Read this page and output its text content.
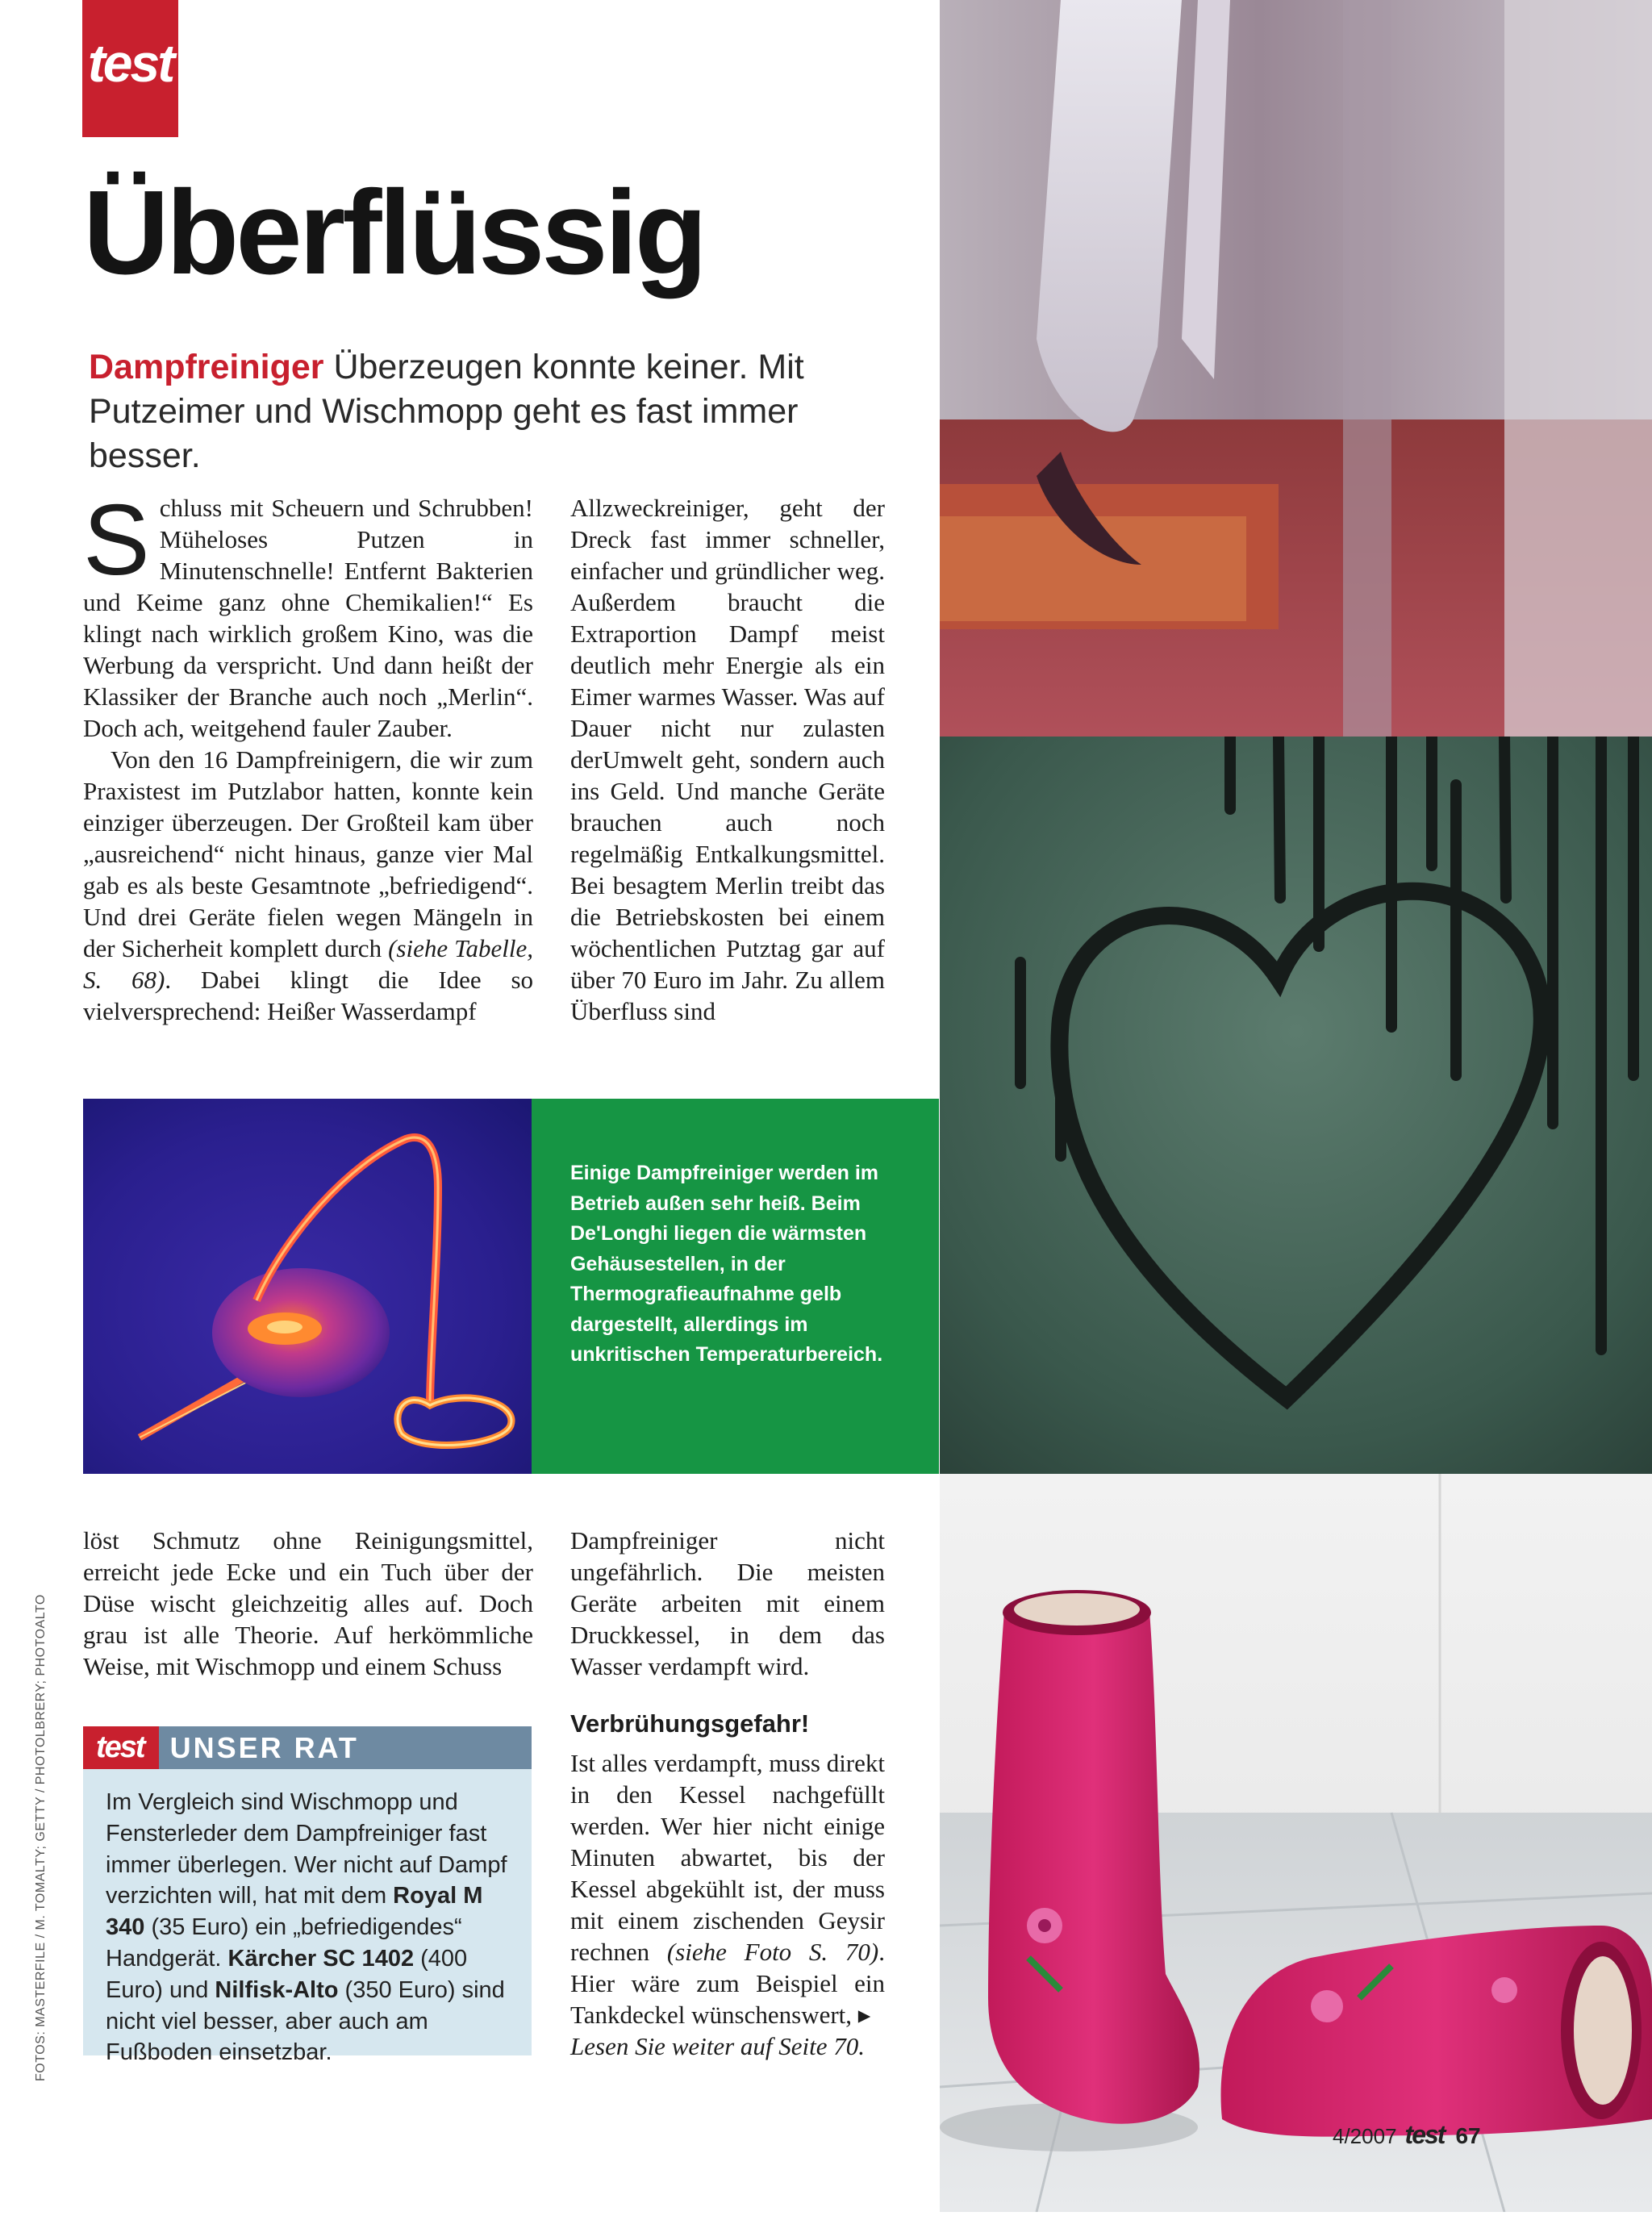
test
Überflüssig

Dampfreiniger Überzeugen konnte keiner. Mit Putzeimer und Wischmopp geht es fast immer besser.

Schluss mit Scheuern und Schrubben! Müheloses Putzen in Minutenschnelle! Entfernt Bakterien und Keime ganz ohne Chemikalien!“ Es klingt nach wirklich großem Kino, was die Werbung da verspricht. Und dann heißt der Klassiker der Branche auch noch „Merlin“. Doch ach, weitgehend fauler Zauber.

Von den 16 Dampfreinigern, die wir zum Praxistest im Putzlabor hatten, konnte kein einziger überzeugen. Der Großteil kam über „ausreichend“ nicht hinaus, ganze vier Mal gab es als beste Gesamtnote „befriedigend“. Und drei Geräte fielen wegen Mängeln in der Sicherheit komplett durch (siehe Tabelle, S. 68). Dabei klingt die Idee so vielversprechend: Heißer Wasserdampf

Allzweckreiniger, geht der Dreck fast immer schneller, einfacher und gründlicher weg. Außerdem braucht die Extraportion Dampf meist deutlich mehr Energie als ein Eimer warmes Wasser. Was auf Dauer nicht nur zulasten derUmwelt geht, sondern auch ins Geld. Und manche Geräte brauchen auch noch regelmäßig Entkalkungsmittel. Bei besagtem Merlin treibt das die Betriebskosten bei einem wöchentlichen Putztag gar auf über 70 Euro im Jahr. Zu allem Überfluss sind

Einige Dampfreiniger werden im Betrieb außen sehr heiß. Beim De'Longhi liegen die wärmsten Gehäusestellen, in der Thermografieaufnahme gelb dargestellt, allerdings im unkritischen Temperaturbereich.

löst Schmutz ohne Reinigungsmittel, erreicht jede Ecke und ein Tuch über der Düse wischt gleichzeitig alles auf. Doch grau ist alle Theorie. Auf herkömmliche Weise, mit Wischmopp und einem Schuss

Dampfreiniger nicht ungefährlich. Die meisten Geräte arbeiten mit einem Druckkessel, in dem das Wasser verdampft wird.

Verbrühungsgefahr!

Ist alles verdampft, muss direkt in den Kessel nachgefüllt werden. Wer hier nicht einige Minuten abwartet, bis der Kessel abgekühlt ist, der muss mit einem zischenden Geysir rechnen (siehe Foto S. 70). Hier wäre zum Beispiel ein Tankdeckel wünschenswert, ▸
Lesen Sie weiter auf Seite 70.

test UNSER RAT

Im Vergleich sind Wischmopp und Fensterleder dem Dampfreiniger fast immer überlegen. Wer nicht auf Dampf verzichten will, hat mit dem Royal M 340 (35 Euro) ein „befriedigendes“ Handgerät. Kärcher SC 1402 (400 Euro) und Nilfisk-Alto (350 Euro) sind nicht viel besser, aber auch am Fußboden einsetzbar.

FOTOS: MASTERFILE / M. TOMALTY; GETTY / PHOTOLBRERY; PHOTOALTO
4/2007 test 67
